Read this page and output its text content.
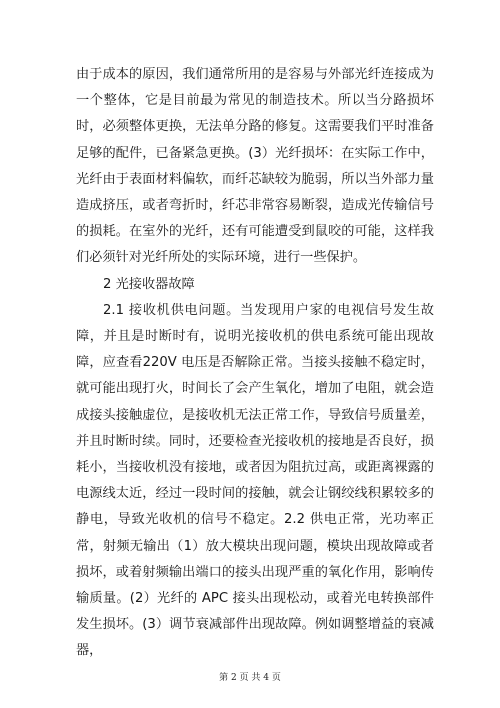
由于成本的原因，我们通常所用的是容易与外部光纤连接成为一个整体，它是目前最为常见的制造技术。所以当分路损坏时，必须整体更换，无法单分路的修复。这需要我们平时准备足够的配件，已备紧急更换。(3）光纤损坏：在实际工作中，光纤由于表面材料偏软，而纤芯缺较为脆弱，所以当外部力量造成挤压，或者弯折时，纤芯非常容易断裂，造成光传输信号的损耗。在室外的光纤，还有可能遭受到鼠咬的可能，这样我们必须针对光纤所处的实际环境，进行一些保护。

2 光接收器故障

2.1 接收机供电问题。当发现用户家的电视信号发生故障，并且是时断时有，说明光接收机的供电系统可能出现故障，应查看220V 电压是否解除正常。当接头接触不稳定时，就可能出现打火，时间长了会产生氧化，增加了电阻，就会造成接头接触虚位，是接收机无法正常工作，导致信号质量差，并且时断时续。同时，还要检查光接收机的接地是否良好，损耗小，当接收机没有接地，或者因为阻抗过高，或距离裸露的电源线太近，经过一段时间的接触，就会让钢绞线积累较多的静电，导致光收机的信号不稳定。2.2 供电正常，光功率正常，射频无输出（1）放大模块出现问题，模块出现故障或者损坏，或着射频输出端口的接头出现严重的氧化作用，影响传输质量。(2）光纤的 APC 接头出现松动，或着光电转换部件发生损坏。(3）调节衰减部件出现故障。例如调整增益的衰减器，

第 2 页 共 4 页
